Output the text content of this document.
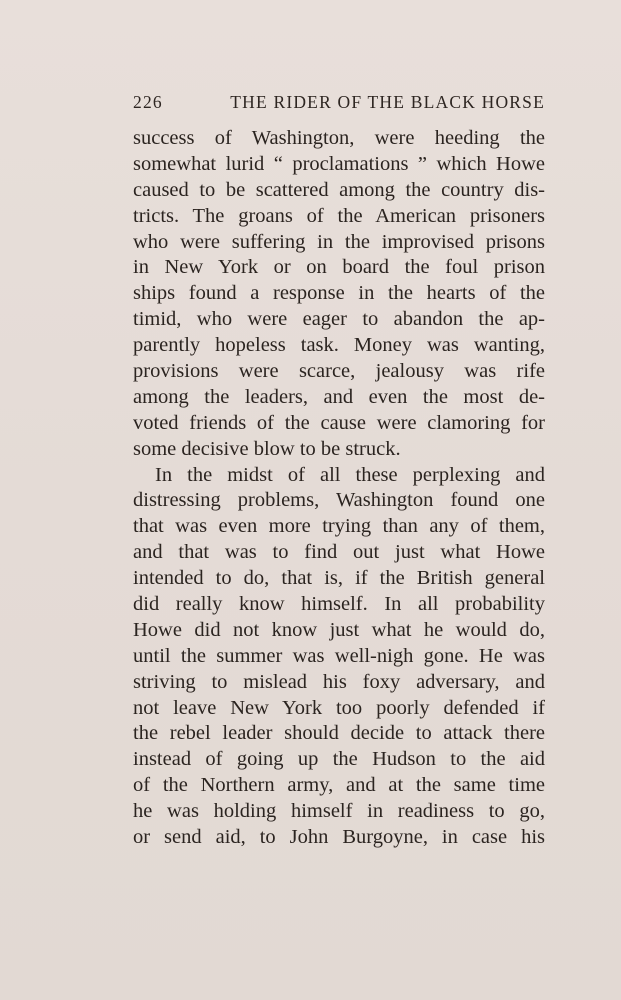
226	THE RIDER OF THE BLACK HORSE
success of Washington, were heeding the
somewhat lurid “ proclamations ” which Howe
caused to be scattered among the country dis-
tricts. The groans of the American prisoners
who were suffering in the improvised prisons
in New York or on board the foul prison
ships found a response in the hearts of the
timid, who were eager to abandon the ap-
parently hopeless task. Money was wanting,
provisions were scarce, jealousy was rife
among the leaders, and even the most de-
voted friends of the cause were clamoring for
some decisive blow to be struck.
In the midst of all these perplexing and
distressing problems, Washington found one
that was even more trying than any of them,
and that was to find out just what Howe
intended to do, that is, if the British general
did really know himself. In all probability
Howe did not know just what he would do,
until the summer was well-nigh gone. He was
striving to mislead his foxy adversary, and
not leave New York too poorly defended if
the rebel leader should decide to attack there
instead of going up the Hudson to the aid
of the Northern army, and at the same time
he was holding himself in readiness to go,
or send aid, to John Burgoyne, in case his
